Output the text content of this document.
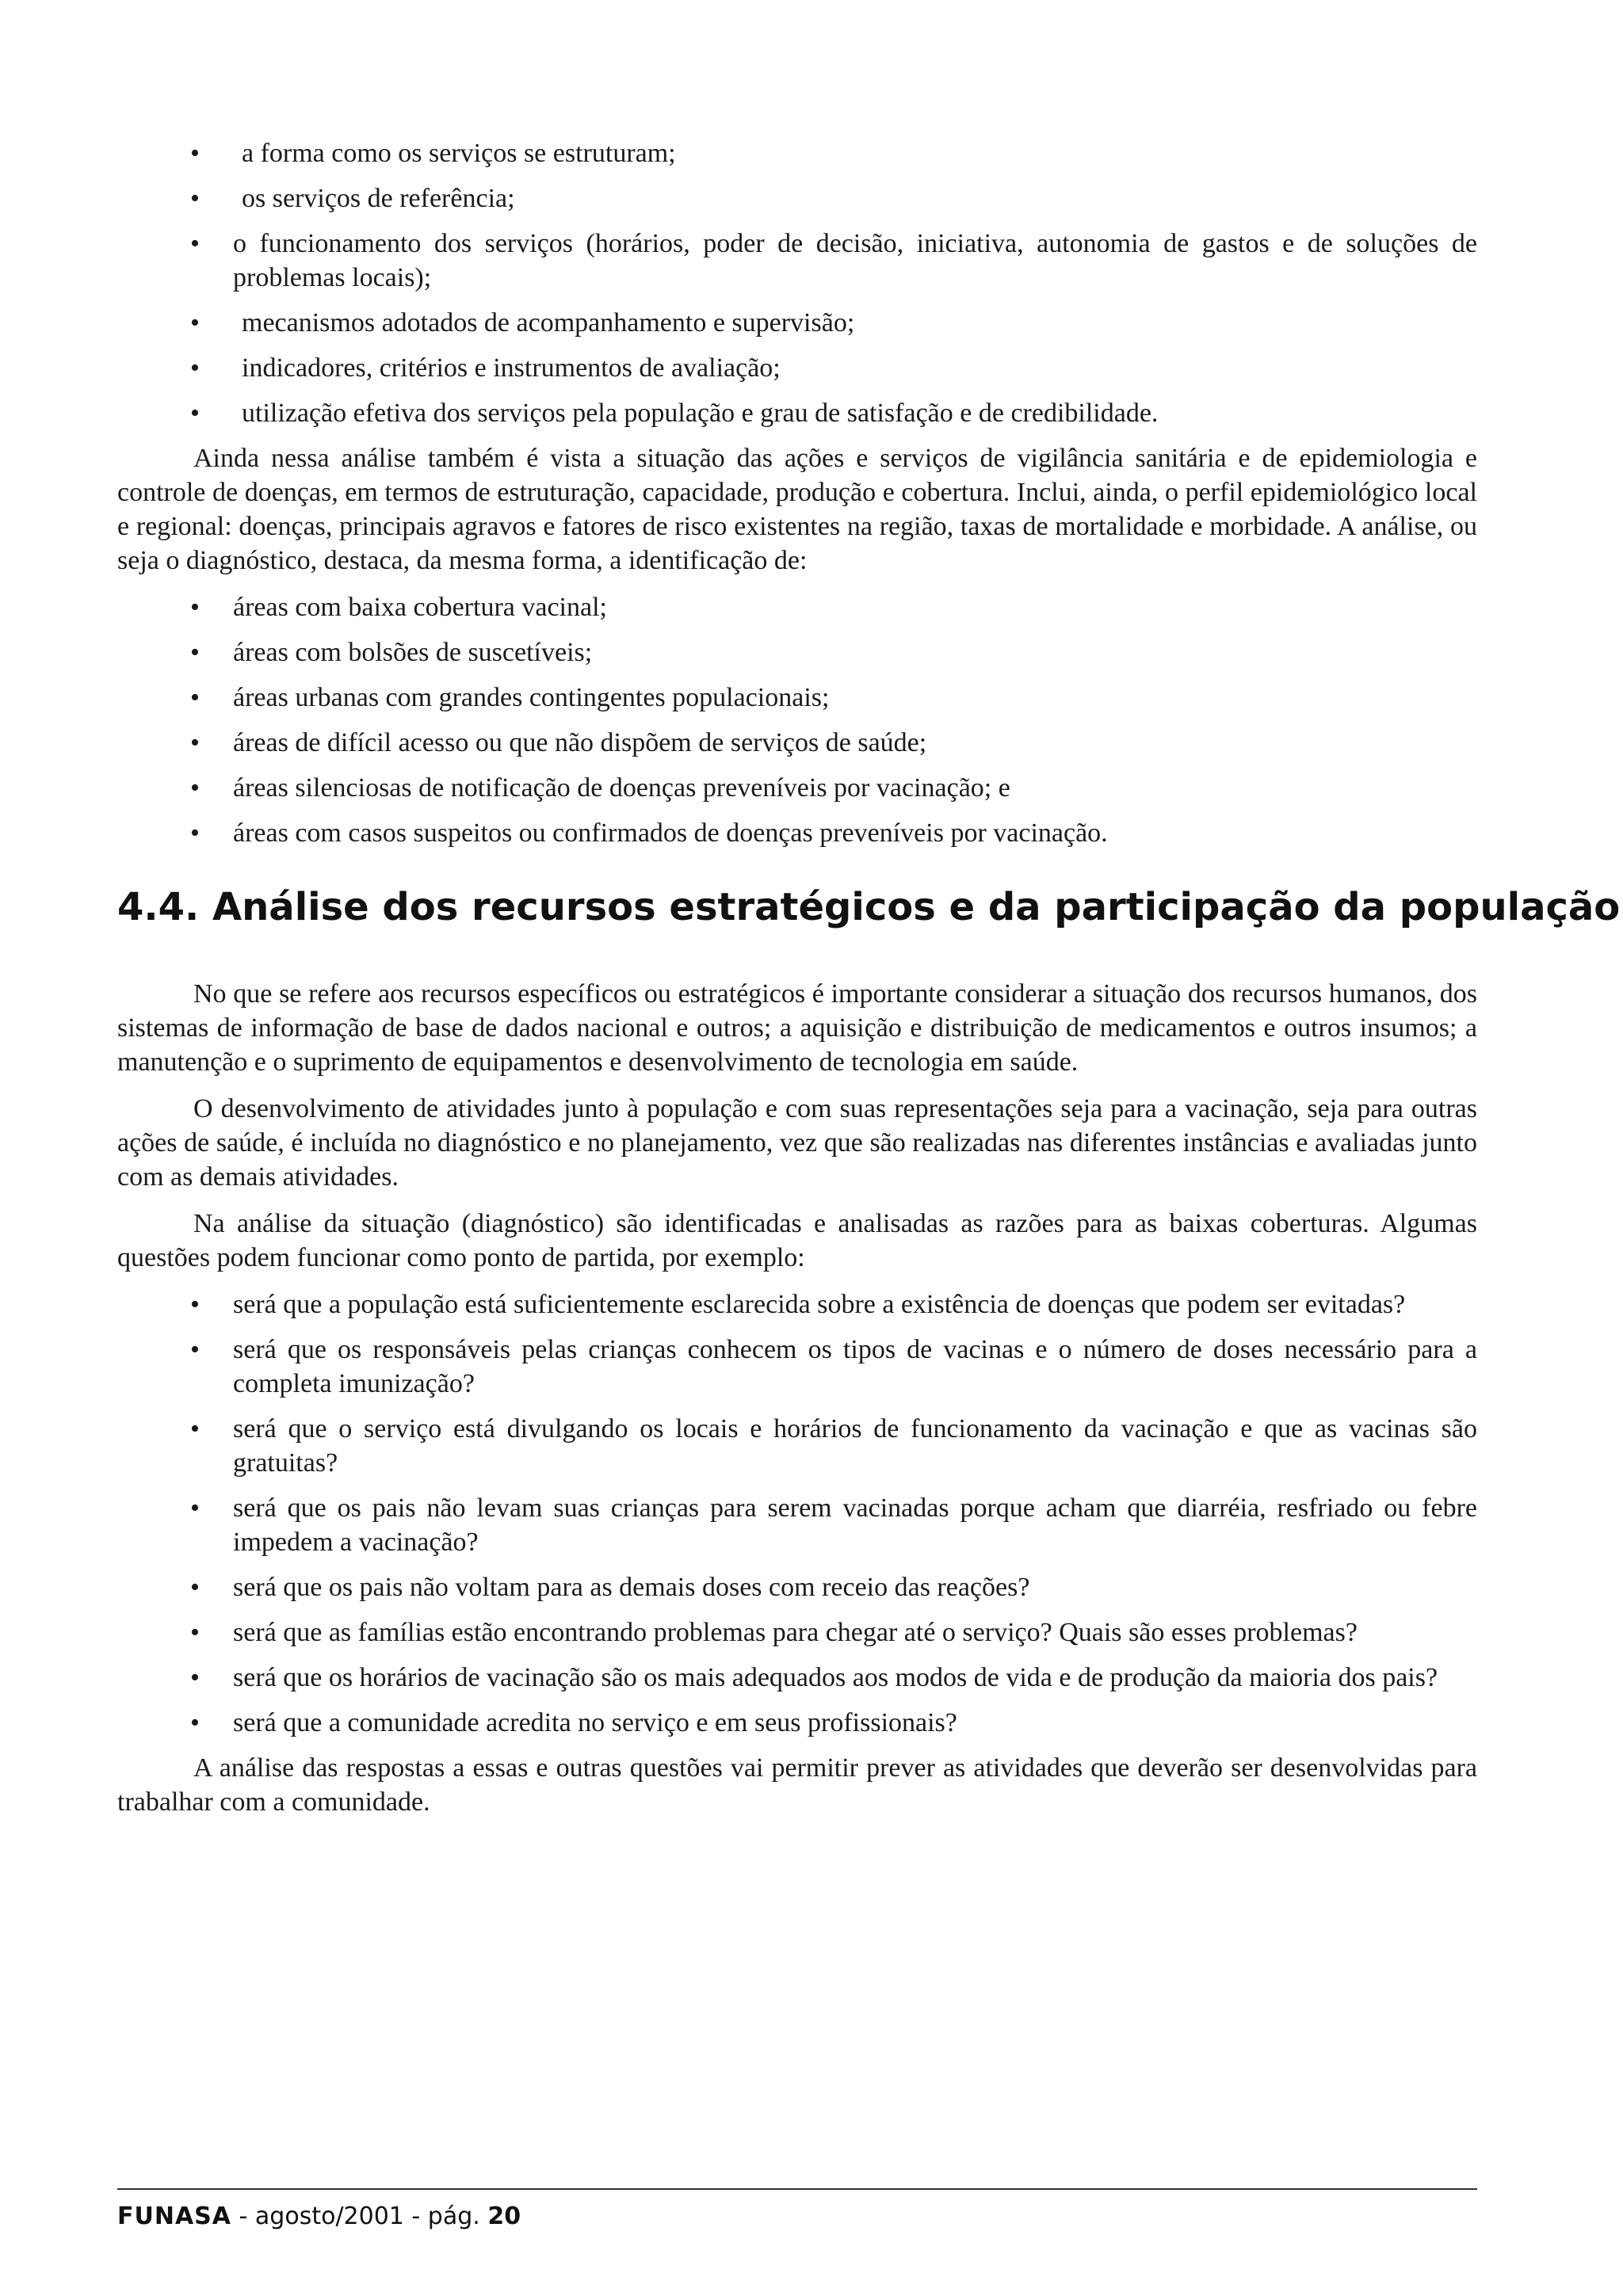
•	a forma como os serviços se estruturam;
•	os serviços de referência;
•	o funcionamento dos serviços (horários, poder de decisão, iniciativa, autonomia de gastos e de soluções de problemas locais);
•	mecanismos adotados de acompanhamento e supervisão;
•	indicadores, critérios e instrumentos de avaliação;
•	utilização efetiva dos serviços pela população e grau de satisfação e de credibilidade.

Ainda nessa análise também é vista a situação das ações e serviços de vigilância sanitária e de epidemiologia e controle de doenças, em termos de estruturação, capacidade, produção e cobertura. Inclui, ainda, o perfil epidemiológico local e regional: doenças, principais agravos e fatores de risco existentes na região, taxas de mortalidade e morbidade. A análise, ou seja o diagnóstico, destaca, da mesma forma, a identificação de:

•	áreas com baixa cobertura vacinal;
•	áreas com bolsões de suscetíveis;
•	áreas urbanas com grandes contingentes populacionais;
•	áreas de difícil acesso ou que não dispõem de serviços de saúde;
•	áreas silenciosas de notificação de doenças preveníveis por vacinação; e
•	áreas com casos suspeitos ou confirmados de doenças preveníveis por vacinação.
4.4. Análise dos recursos estratégicos e da participação da população

No que se refere aos recursos específicos ou estratégicos é importante considerar a situação dos recursos humanos, dos sistemas de informação de base de dados nacional e outros; a aquisição e distribuição de medicamentos e outros insumos; a manutenção e o suprimento de equipamentos e desenvolvimento de tecnologia em saúde.

O desenvolvimento de atividades junto à população e com suas representações seja para a vacinação, seja para outras ações de saúde, é incluída no diagnóstico e no planejamento, vez que são realizadas nas diferentes instâncias e avaliadas junto com as demais atividades.

Na análise da situação (diagnóstico) são identificadas e analisadas as razões para as baixas coberturas. Algumas questões podem funcionar como ponto de partida, por exemplo:

•	será que a população está suficientemente esclarecida sobre a existência de doenças que podem ser evitadas?
•	será que os responsáveis pelas crianças conhecem os tipos de vacinas e o número de doses necessário para a completa imunização?
•	será que o serviço está divulgando os locais e horários de funcionamento da vacinação e que as vacinas são gratuitas?
•	será que os pais não levam suas crianças para serem vacinadas porque acham que diarréia, resfriado ou febre impedem a vacinação?
•	será que os pais não voltam para as demais doses com receio das reações?
•	será que as famílias estão encontrando problemas para chegar até o serviço? Quais são esses problemas?
•	será que os horários de vacinação são os mais adequados aos modos de vida e de produção da maioria dos pais?
•	será que a comunidade acredita no serviço e em seus profissionais?

A análise das respostas a essas e outras questões vai permitir prever as atividades que deverão ser desenvolvidas para trabalhar com a comunidade.

FUNASA - agosto/2001 - pág. 20
